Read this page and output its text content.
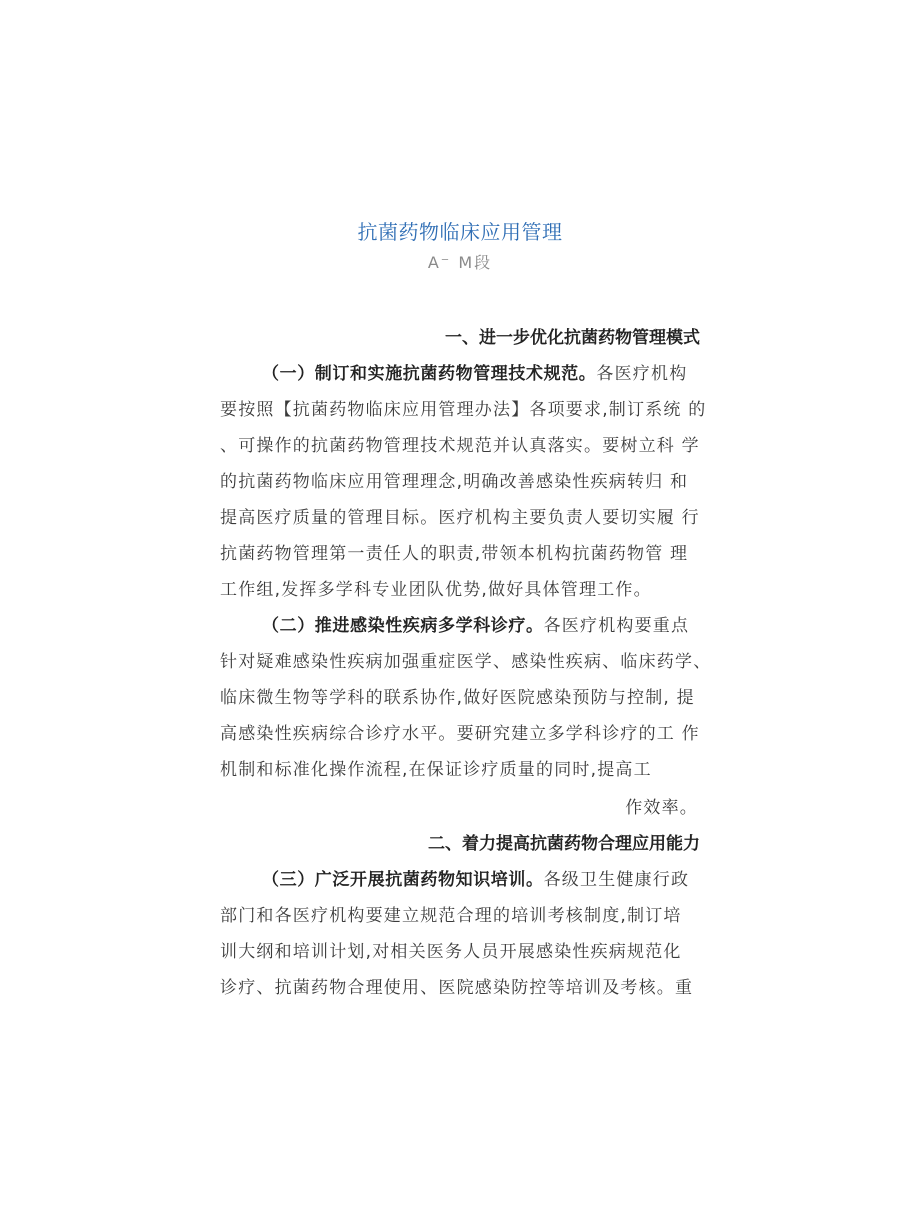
抗菌药物临床应用管理
A⁻ M段
一、进一步优化抗菌药物管理模式
（一）制订和实施抗菌药物管理技术规范。各医疗机构
要按照【抗菌药物临床应用管理办法】各项要求,制订系统 的
、可操作的抗菌药物管理技术规范并认真落实。要树立科 学
的抗菌药物临床应用管理理念,明确改善感染性疾病转归 和
提高医疗质量的管理目标。医疗机构主要负责人要切实履 行
抗菌药物管理第一责任人的职责,带领本机构抗菌药物管 理
工作组,发挥多学科专业团队优势,做好具体管理工作。
（二）推进感染性疾病多学科诊疗。各医疗机构要重点
针对疑难感染性疾病加强重症医学、感染性疾病、临床药学、
临床微生物等学科的联系协作,做好医院感染预防与控制, 提
高感染性疾病综合诊疗水平。要研究建立多学科诊疗的工 作
机制和标准化操作流程,在保证诊疗质量的同时,提高工
作效率。
二、着力提高抗菌药物合理应用能力
（三）广泛开展抗菌药物知识培训。各级卫生健康行政
部门和各医疗机构要建立规范合理的培训考核制度,制订培
训大纲和培训计划,对相关医务人员开展感染性疾病规范化
诊疗、抗菌药物合理使用、医院感染防控等培训及考核。重
